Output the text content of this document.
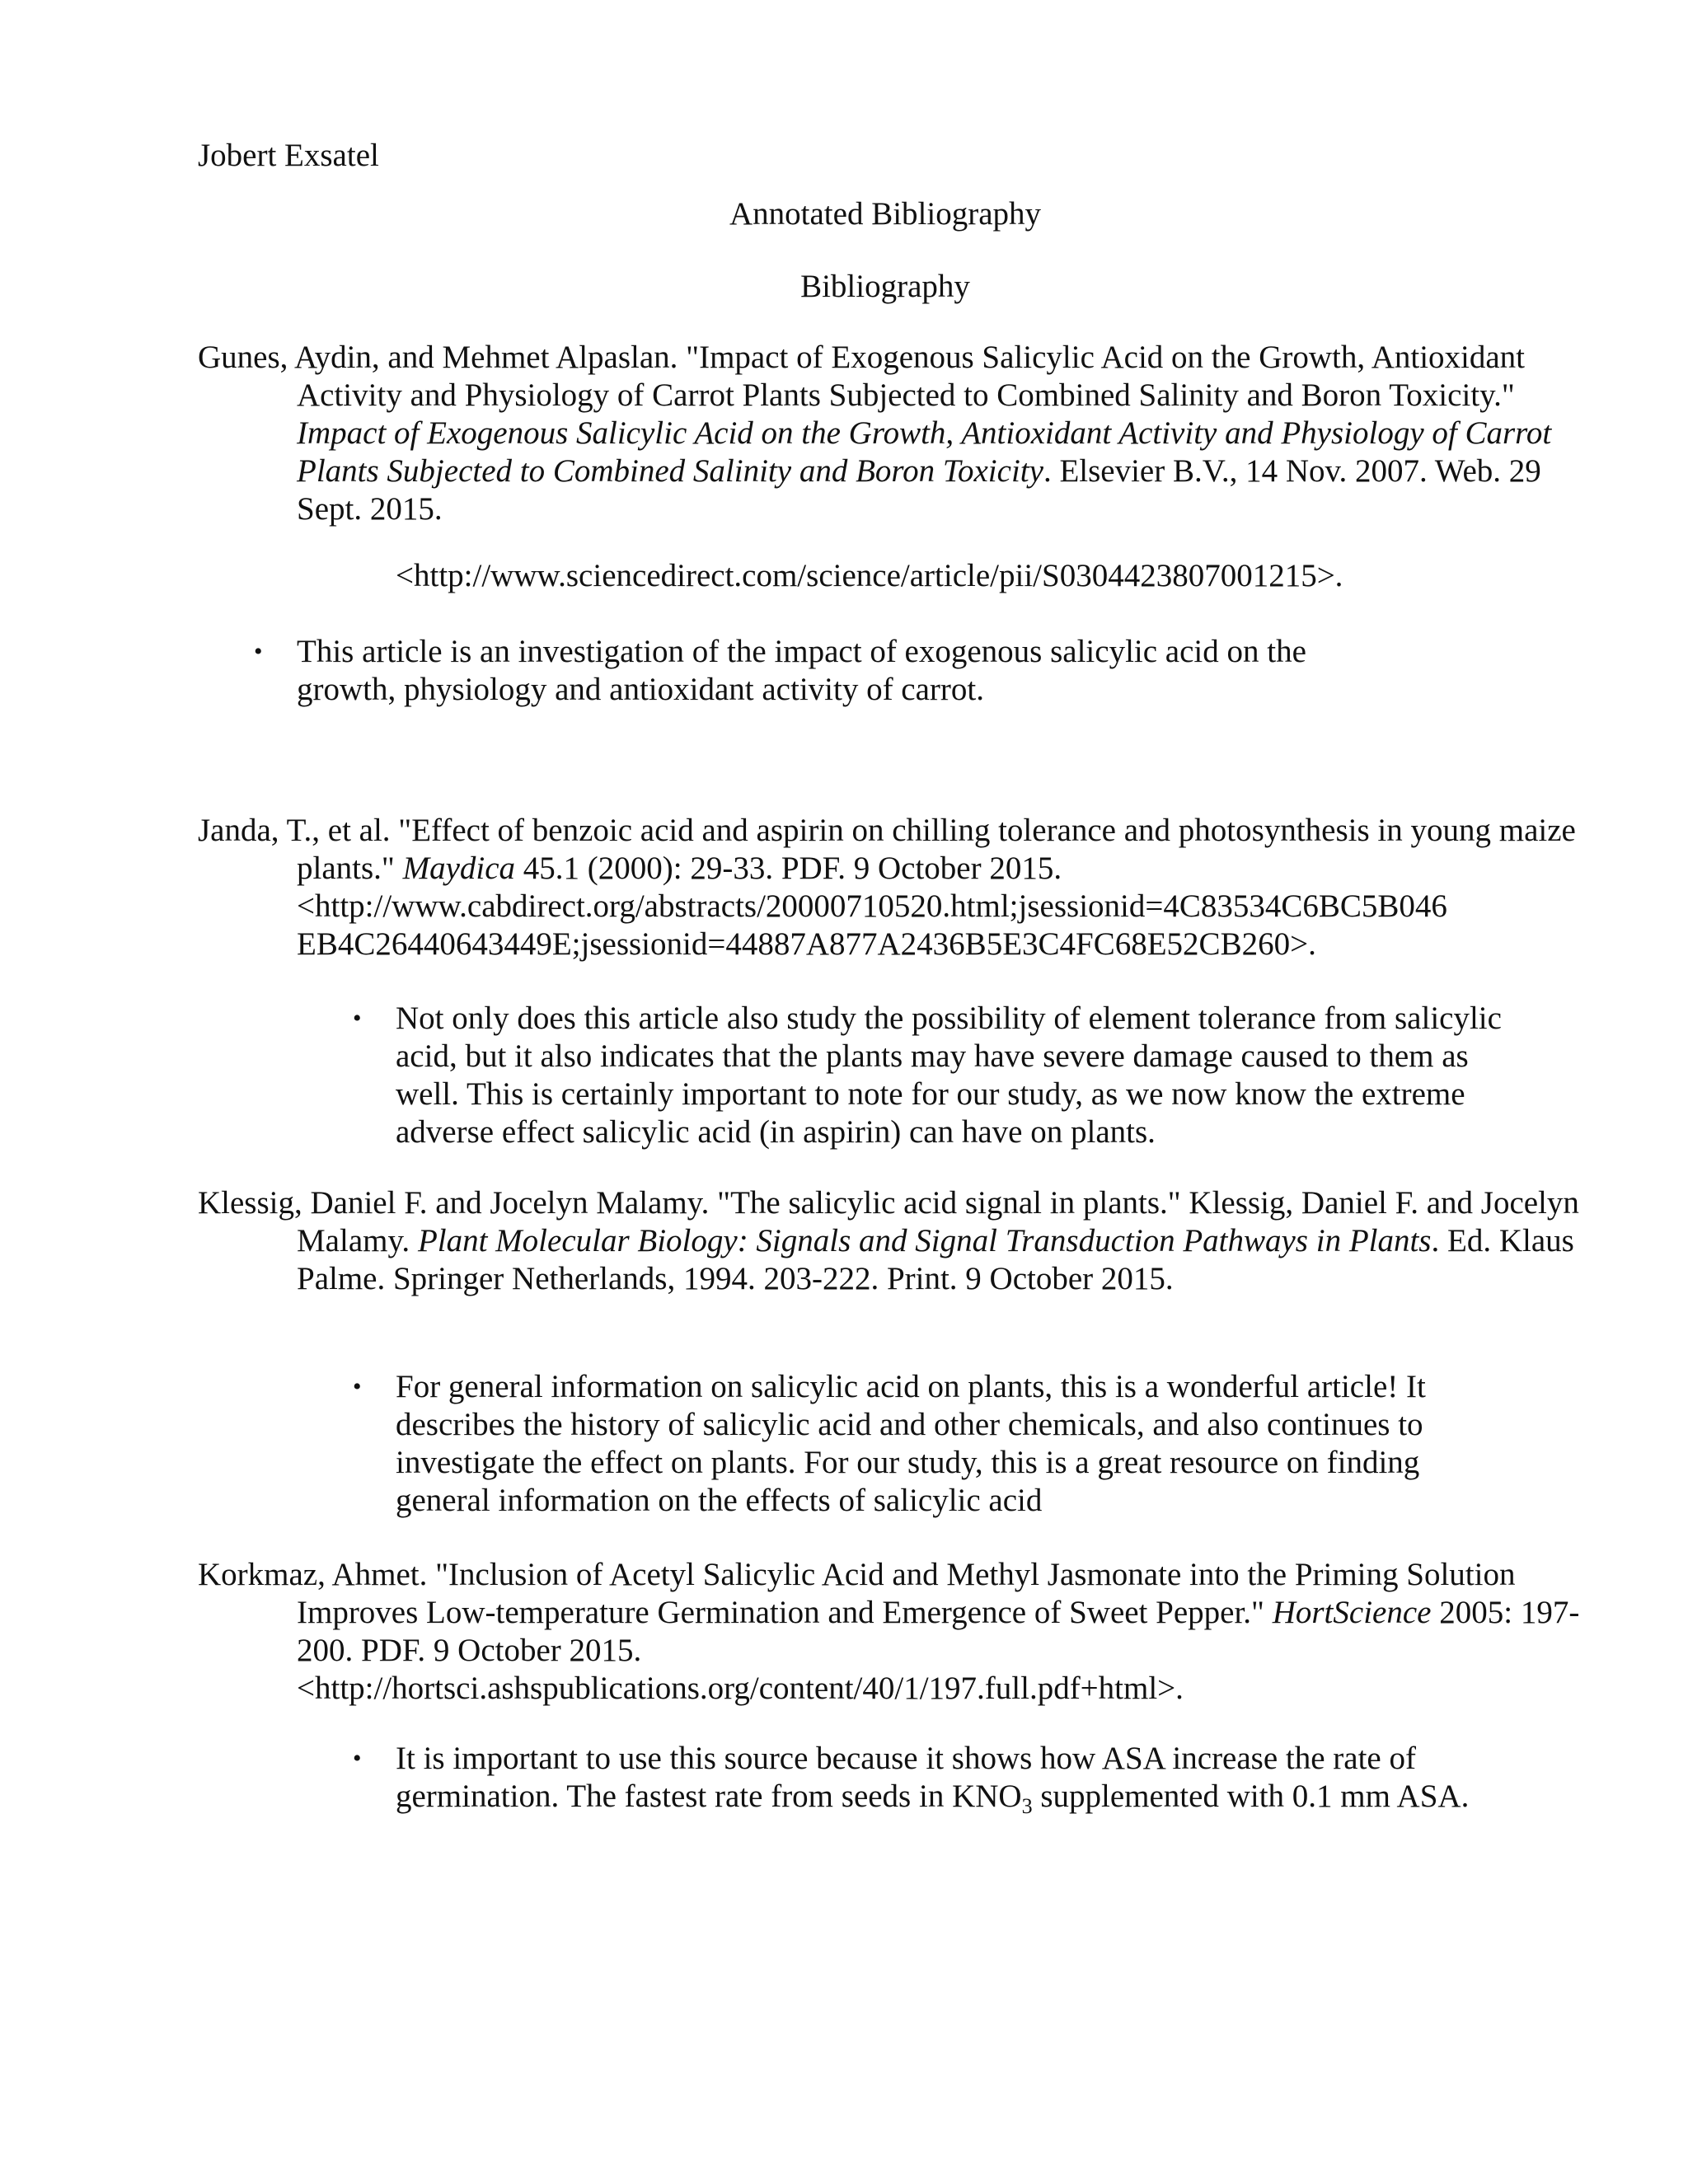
Jobert Exsatel

Annotated Bibliography

Bibliography

Gunes, Aydin, and Mehmet Alpaslan. "Impact of Exogenous Salicylic Acid on the Growth, Antioxidant Activity and Physiology of Carrot Plants Subjected to Combined Salinity and Boron Toxicity." Impact of Exogenous Salicylic Acid on the Growth, Antioxidant Activity and Physiology of Carrot Plants Subjected to Combined Salinity and Boron Toxicity. Elsevier B.V., 14 Nov. 2007. Web. 29 Sept. 2015.

<http://www.sciencedirect.com/science/article/pii/S0304423807001215>.

• This article is an investigation of the impact of exogenous salicylic acid on the growth, physiology and antioxidant activity of carrot.

Janda, T., et al. "Effect of benzoic acid and aspirin on chilling tolerance and photosynthesis in young maize plants." Maydica 45.1 (2000): 29-33. PDF. 9 October 2015.
<http://www.cabdirect.org/abstracts/20000710520.html;jsessionid=4C83534C6BC5B046
EB4C26440643449E;jsessionid=44887A877A2436B5E3C4FC68E52CB260>.
• Not only does this article also study the possibility of element tolerance from salicylic acid, but it also indicates that the plants may have severe damage caused to them as well. This is certainly important to note for our study, as we now know the extreme adverse effect salicylic acid (in aspirin) can have on plants.

Klessig, Daniel F. and Jocelyn Malamy. "The salicylic acid signal in plants." Klessig, Daniel F. and Jocelyn Malamy. Plant Molecular Biology: Signals and Signal Transduction Pathways in Plants. Ed. Klaus Palme. Springer Netherlands, 1994. 203-222. Print. 9 October 2015.

• For general information on salicylic acid on plants, this is a wonderful article! It describes the history of salicylic acid and other chemicals, and also continues to investigate the effect on plants. For our study, this is a great resource on finding general information on the effects of salicylic acid

Korkmaz, Ahmet. "Inclusion of Acetyl Salicylic Acid and Methyl Jasmonate into the Priming Solution Improves Low-temperature Germination and Emergence of Sweet Pepper." HortScience 2005: 197-200. PDF. 9 October 2015.
<http://hortsci.ashspublications.org/content/40/1/197.full.pdf+html>.
• It is important to use this source because it shows how ASA increase the rate of germination. The fastest rate from seeds in $KNO_3$ supplemented with 0.1 mm ASA.
